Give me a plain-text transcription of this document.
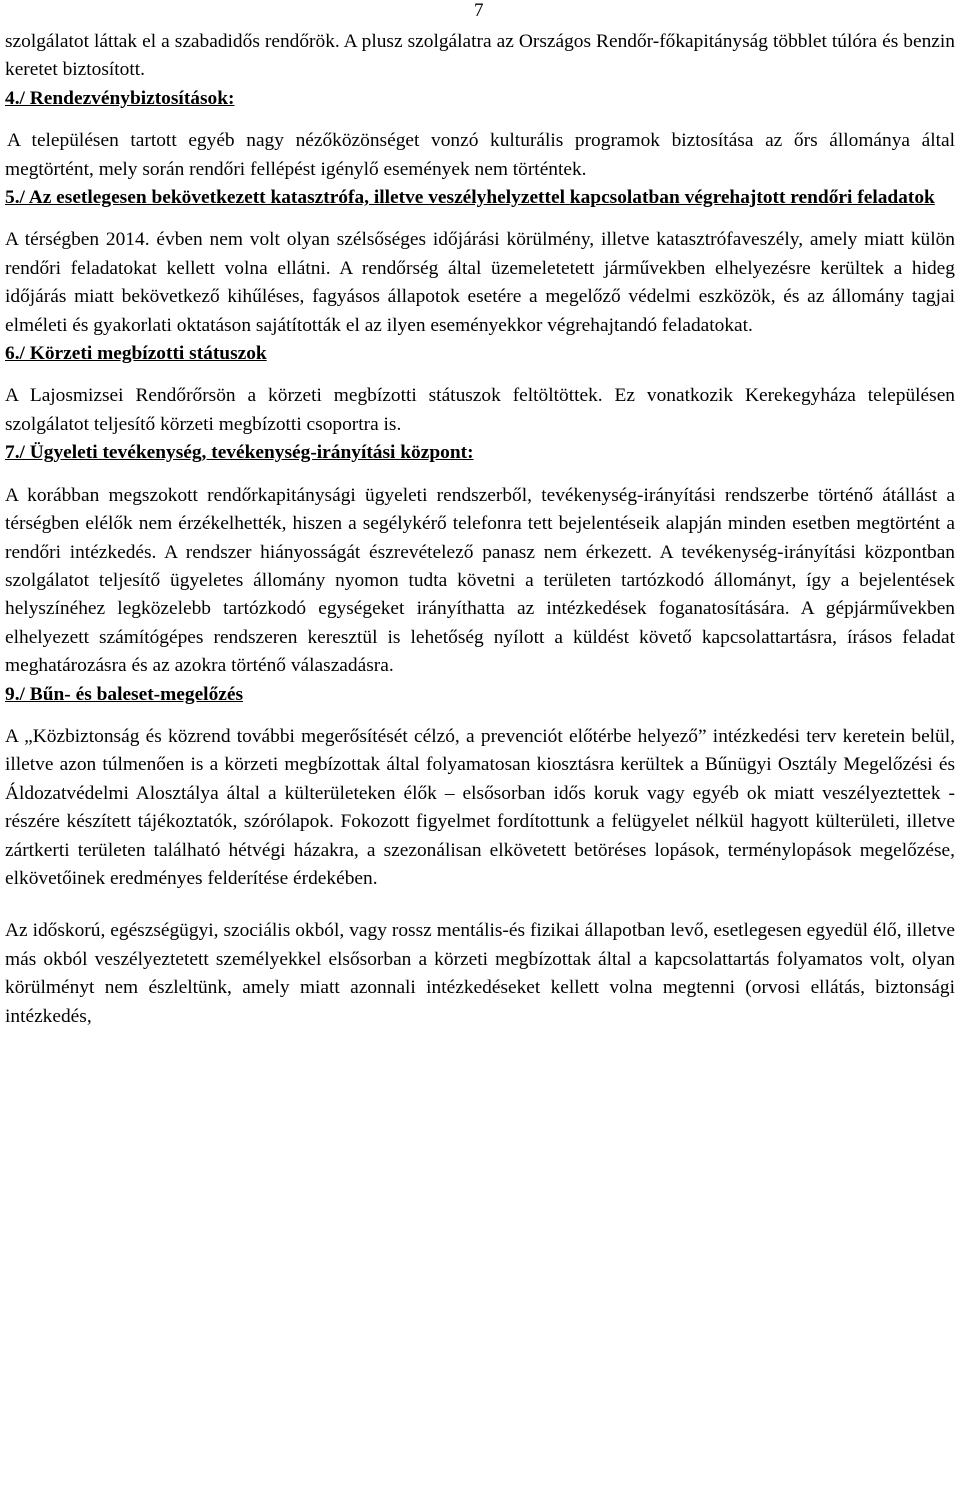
7

szolgálatot láttak el a szabadidős rendőrök. A plusz szolgálatra az Országos Rendőr-főkapitányság többlet túlóra és benzin keretet biztosított.

4./ Rendezvénybiztosítások:

A településen tartott egyéb nagy nézőközönséget vonzó kulturális programok biztosítása az őrs állománya által megtörtént, mely során rendőri fellépést igénylő események nem történtek.

5./ Az esetlegesen bekövetkezett katasztrófa, illetve veszélyhelyzettel kapcsolatban végrehajtott rendőri feladatok

A térségben 2014. évben nem volt olyan szélsőséges időjárási körülmény, illetve katasztrófaveszély, amely miatt külön rendőri feladatokat kellett volna ellátni. A rendőrség által üzemeletetett járművekben elhelyezésre kerültek a hideg időjárás miatt bekövetkező kihűléses, fagyásos állapotok esetére a megelőző védelmi eszközök, és az állomány tagjai elméleti és gyakorlati oktatáson sajátították el az ilyen eseményekkor végrehajtandó feladatokat.

6./ Körzeti megbízotti státuszok

A Lajosmizsei Rendőrőrsön a körzeti megbízotti státuszok feltöltöttek. Ez vonatkozik Kerekegyháza településen szolgálatot teljesítő körzeti megbízotti csoportra is.

7./ Ügyeleti tevékenység, tevékenység-irányítási központ:

A korábban megszokott rendőrkapitánysági ügyeleti rendszerből, tevékenység-irányítási rendszerbe történő átállást a térségben elélők nem érzékelhették, hiszen a segélykérő telefonra tett bejelentéseik alapján minden esetben megtörtént a rendőri intézkedés. A rendszer hiányosságát észrevételező panasz nem érkezett. A tevékenység-irányítási központban szolgálatot teljesítő ügyeletes állomány nyomon tudta követni a területen tartózkodó állományt, így a bejelentések helyszínéhez legközelebb tartózkodó egységeket irányíthatta az intézkedések foganatosítására. A gépjárművekben elhelyezett számítógépes rendszeren keresztül is lehetőség nyílott a küldést követő kapcsolattartásra, írásos feladat meghatározásra és az azokra történő válaszadásra.

9./ Bűn- és baleset-megelőzés

A „Közbiztonság és közrend további megerősítését célzó, a prevenciót előtérbe helyező” intézkedési terv keretein belül, illetve azon túlmenően is a körzeti megbízottak által folyamatosan kiosztásra kerültek a Bűnügyi Osztály Megelőzési és Áldozatvédelmi Alosztálya által a külterületeken élők – elsősorban idős koruk vagy egyéb ok miatt veszélyeztettek - részére készített tájékoztatók, szórólapok. Fokozott figyelmet fordítottunk a felügyelet nélkül hagyott külterületi, illetve zártkerti területen található hétvégi házakra, a szezonálisan elkövetett betöréses lopások, terménylopások megelőzése, elkövetőinek eredményes felderítése érdekében.

Az időskorú, egészségügyi, szociális okból, vagy rossz mentális-és fizikai állapotban levő, esetlegesen egyedül élő, illetve más okból veszélyeztetett személyekkel elsősorban a körzeti megbízottak által a kapcsolattartás folyamatos volt, olyan körülményt nem észleltünk, amely miatt azonnali intézkedéseket kellett volna megtenni (orvosi ellátás, biztonsági intézkedés,
